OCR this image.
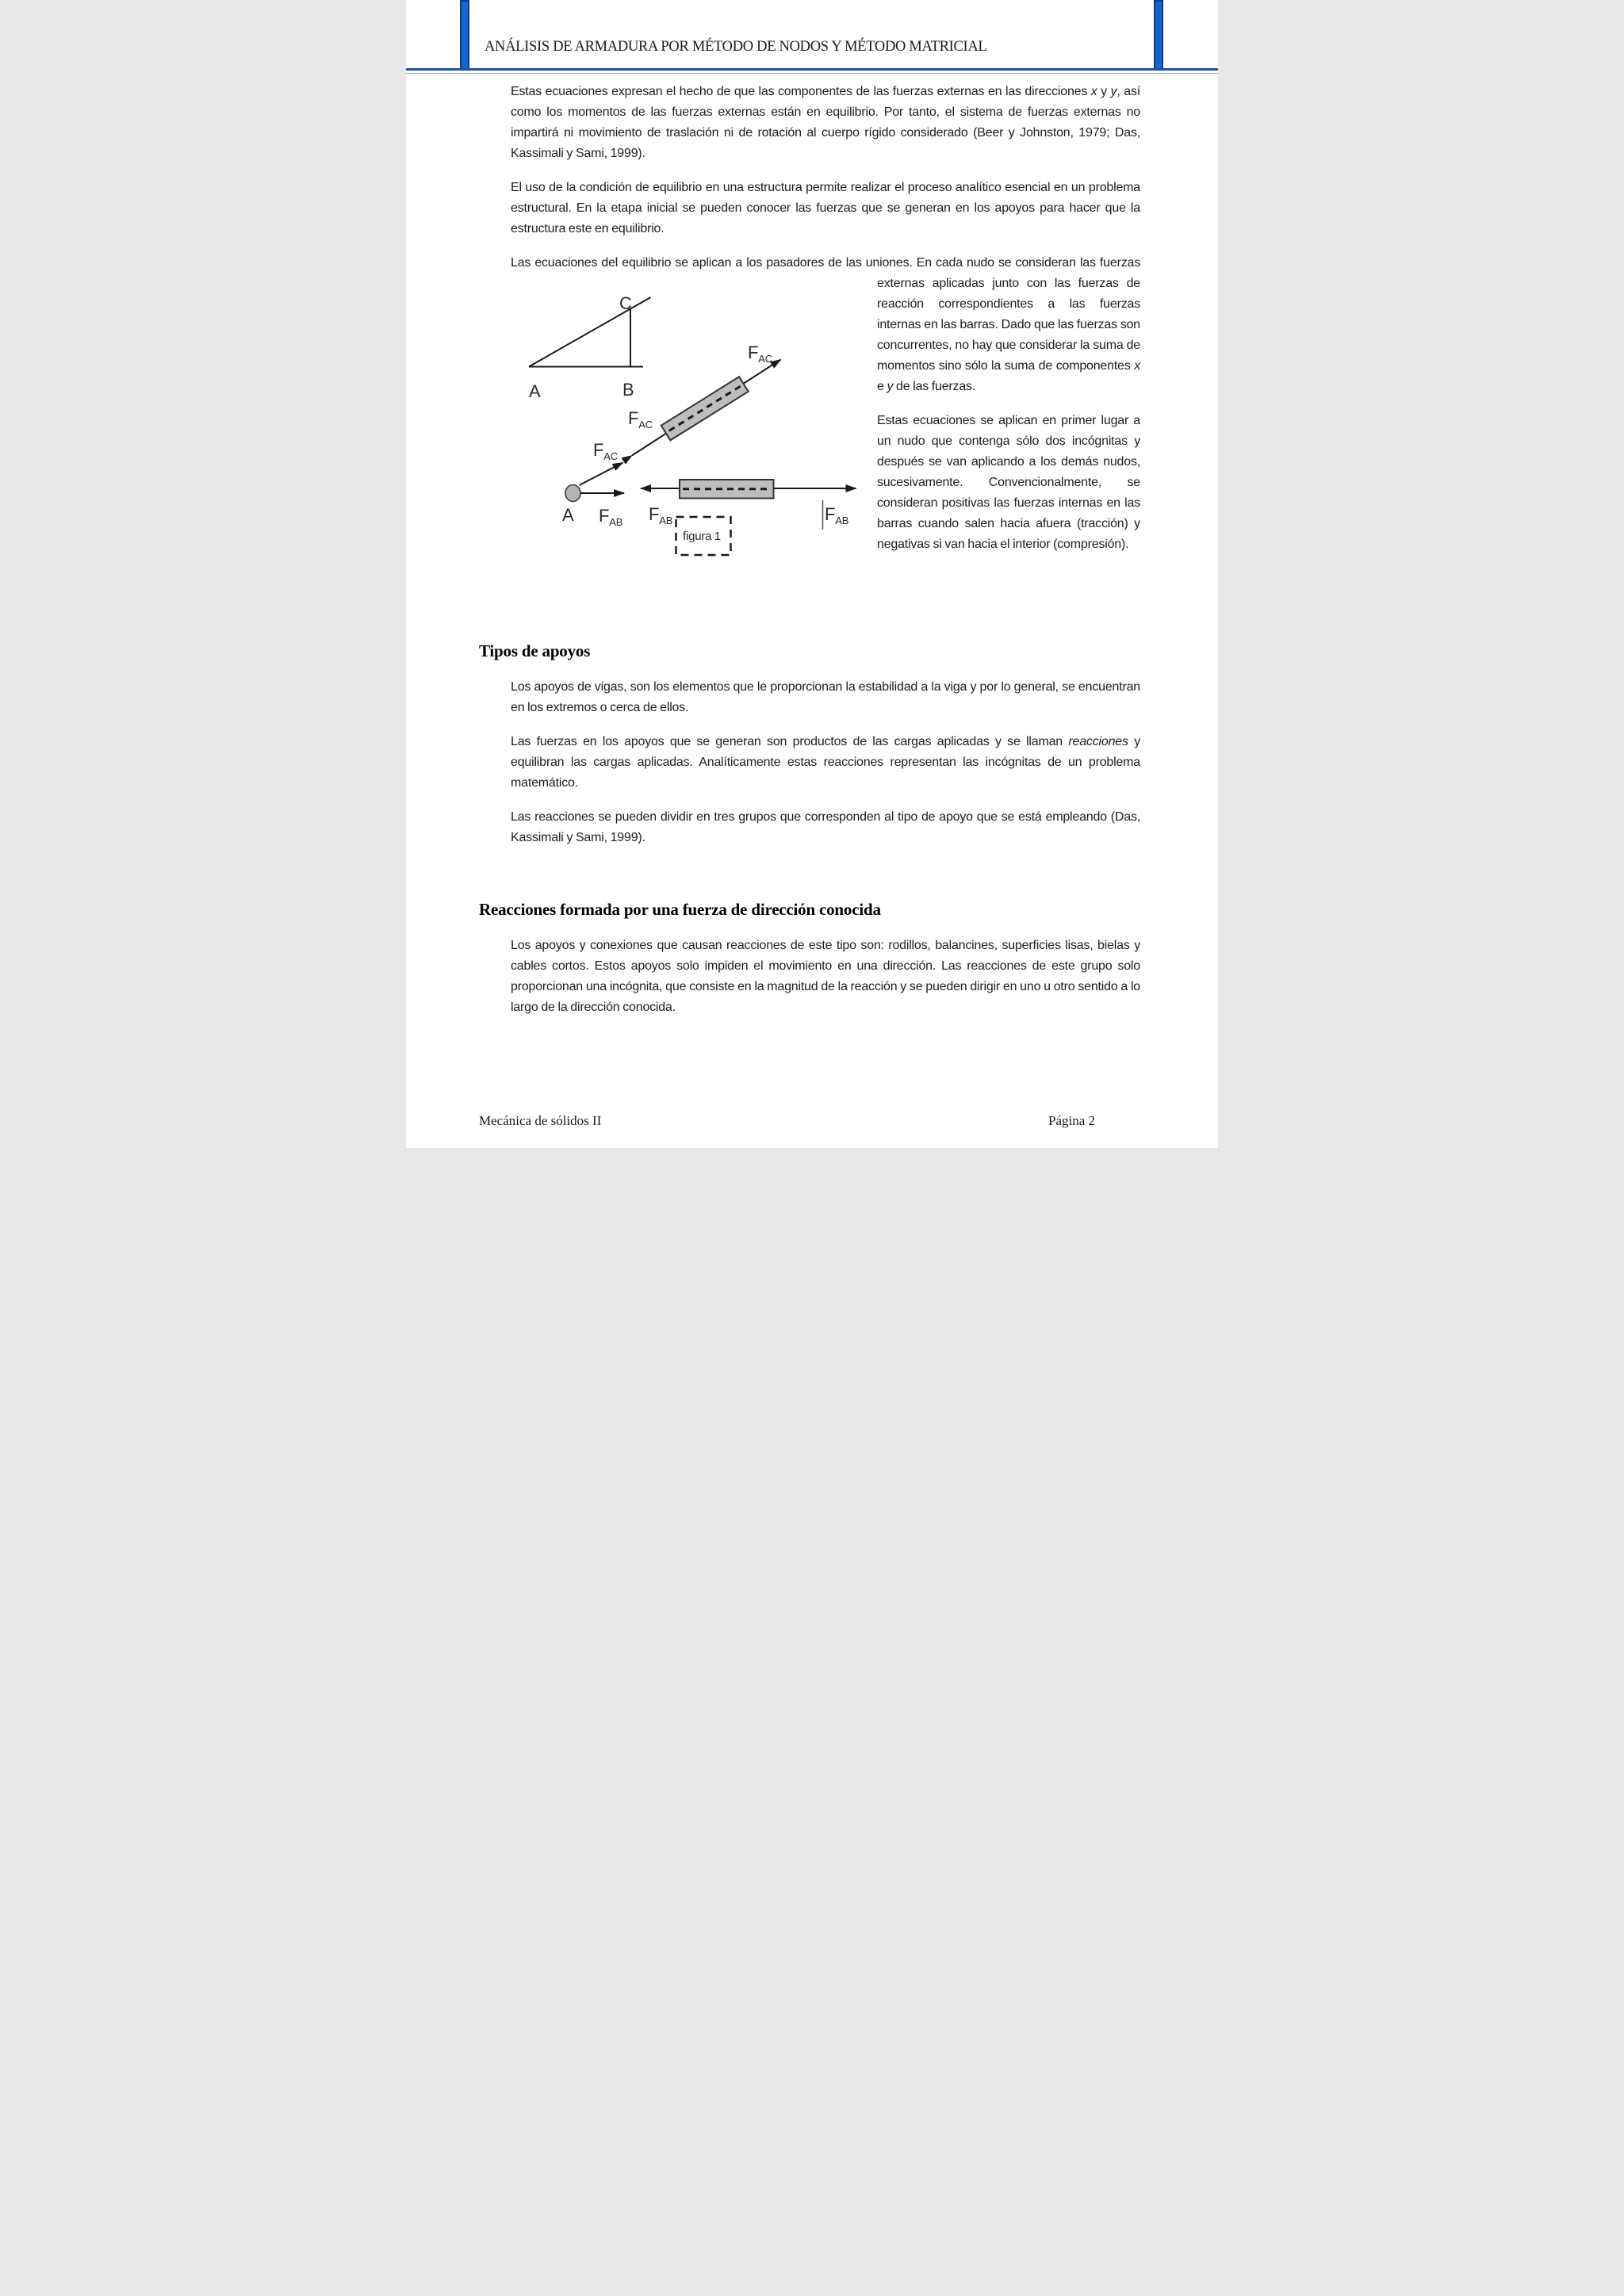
ANÁLISIS DE ARMADURA POR MÉTODO DE NODOS Y MÉTODO MATRICIAL

Estas ecuaciones expresan el hecho de que las componentes de las fuerzas externas en las direcciones x y y, así como los momentos de las fuerzas externas están en equilibrio. Por tanto, el sistema de fuerzas externas no impartirá ni movimiento de traslación ni de rotación al cuerpo rígido considerado (Beer y Johnston, 1979; Das, Kassimali y Sami, 1999).

El uso de la condición de equilibrio en una estructura permite realizar el proceso analítico esencial en un problema estructural. En la etapa inicial se pueden conocer las fuerzas que se generan en los apoyos para hacer que la estructura este en equilibrio.

Las ecuaciones del equilibrio se aplican a los pasadores de las uniones. En cada nudo se consideran las
C
A	B
$F_{AC}$
$F_{AC}$
$F_{AC}$
A $F_{AB}$ $F_{AB}$	$F_{AB}$
figura 1
fuerzas externas aplicadas junto con las fuerzas de reacción correspondientes a las fuerzas internas en las barras. Dado que las fuerzas son concurrentes, no hay que considerar la suma de momentos sino sólo la suma de componentes x e y de las fuerzas.

Estas ecuaciones se aplican en primer lugar a un nudo que contenga sólo dos incógnitas y después se van aplicando a los demás nudos, sucesivamente. Convencionalmente, se consideran positivas las fuerzas internas en las barras cuando salen hacia afuera (tracción) y negativas si van hacia el interior (compresión).

Tipos de apoyos

Los apoyos de vigas, son los elementos que le proporcionan la estabilidad a la viga y por lo general, se encuentran en los extremos o cerca de ellos.

Las fuerzas en los apoyos que se generan son productos de las cargas aplicadas y se llaman reacciones y equilibran las cargas aplicadas. Analíticamente estas reacciones representan las incógnitas de un problema matemático.

Las reacciones se pueden dividir en tres grupos que corresponden al tipo de apoyo que se está empleando (Das, Kassimali y Sami, 1999).

Reacciones formada por una fuerza de dirección conocida

Los apoyos y conexiones que causan reacciones de este tipo son: rodillos, balancines, superficies lisas, bielas y cables cortos. Estos apoyos solo impiden el movimiento en una dirección. Las reacciones de este grupo solo proporcionan una incógnita, que consiste en la magnitud de la reacción y se pueden dirigir en uno u otro sentido a lo largo de la dirección conocida.

Mecánica de sólidos II	Página 2
